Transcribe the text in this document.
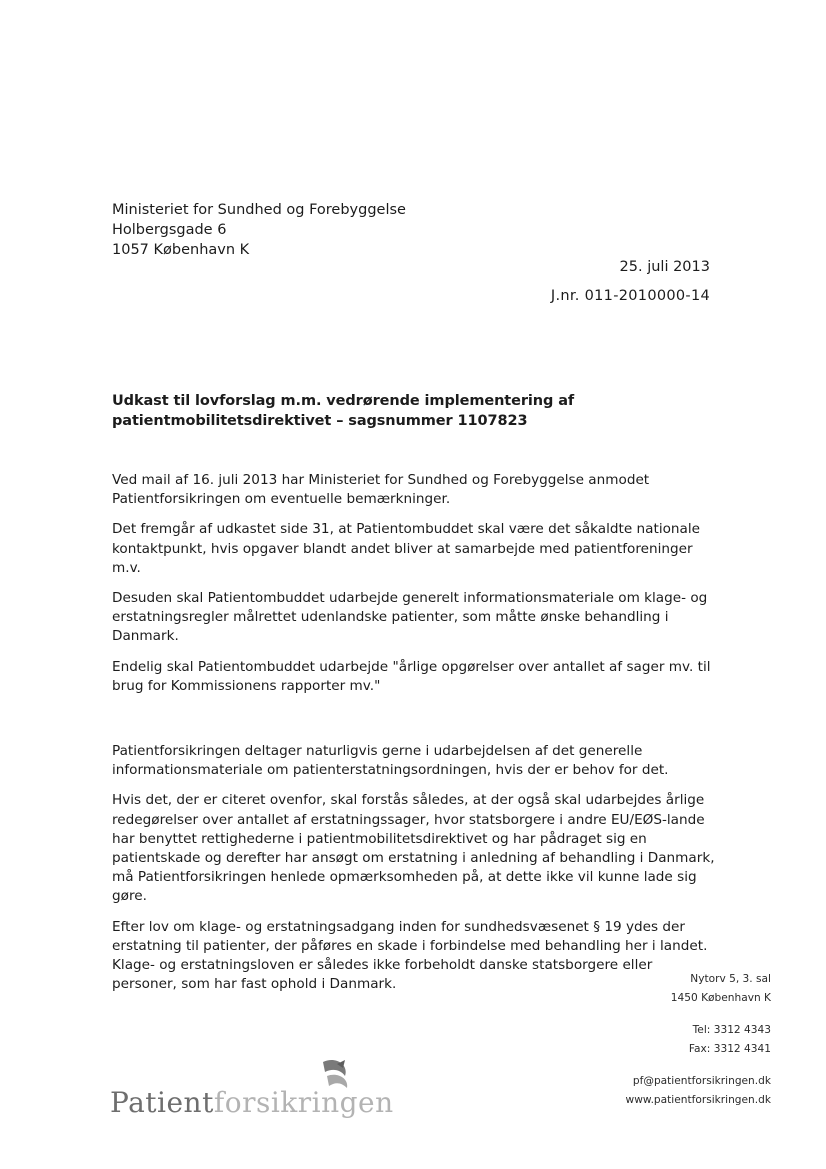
Ministeriet for Sundhed og Forebyggelse
Holbergsgade 6
1057 København K
25. juli 2013
J.nr. 011-2010000-14
Udkast til lovforslag m.m. vedrørende implementering af patientmobilitetsdirektivet – sagsnummer 1107823

Ved mail af 16. juli 2013 har Ministeriet for Sundhed og Forebyggelse anmodet Patientforsikringen om eventuelle bemærkninger.

Det fremgår af udkastet side 31, at Patientombuddet skal være det såkaldte nationale kontaktpunkt, hvis opgaver blandt andet bliver at samarbejde med patientforeninger m.v.

Desuden skal Patientombuddet udarbejde generelt informationsmateriale om klage- og erstatningsregler målrettet udenlandske patienter, som måtte ønske behandling i Danmark.

Endelig skal Patientombuddet udarbejde "årlige opgørelser over antallet af sager mv. til brug for Kommissionens rapporter mv."

Patientforsikringen deltager naturligvis gerne i udarbejdelsen af det generelle informationsmateriale om patienterstatningsordningen, hvis der er behov for det.

Hvis det, der er citeret ovenfor, skal forstås således, at der også skal udarbejdes årlige redegørelser over antallet af erstatningssager, hvor statsborgere i andre EU/EØS-lande har benyttet rettighederne i patientmobilitetsdirektivet og har pådraget sig en patientskade og derefter har ansøgt om erstatning i anledning af behandling i Danmark, må Patientforsikringen henlede opmærksomheden på, at dette ikke vil kunne lade sig gøre.

Efter lov om klage- og erstatningsadgang inden for sundhedsvæsenet § 19 ydes der erstatning til patienter, der påføres en skade i forbindelse med behandling her i landet. Klage- og erstatningsloven er således ikke forbeholdt danske statsborgere eller personer, som har fast ophold i Danmark.	Nytorv 5, 3. sal
1450 København K
Tel: 3312 4343
Fax: 3312 4341
pf@patientforsikringen.dk
www.patientforsikringen.dk
Patientforsikringen
